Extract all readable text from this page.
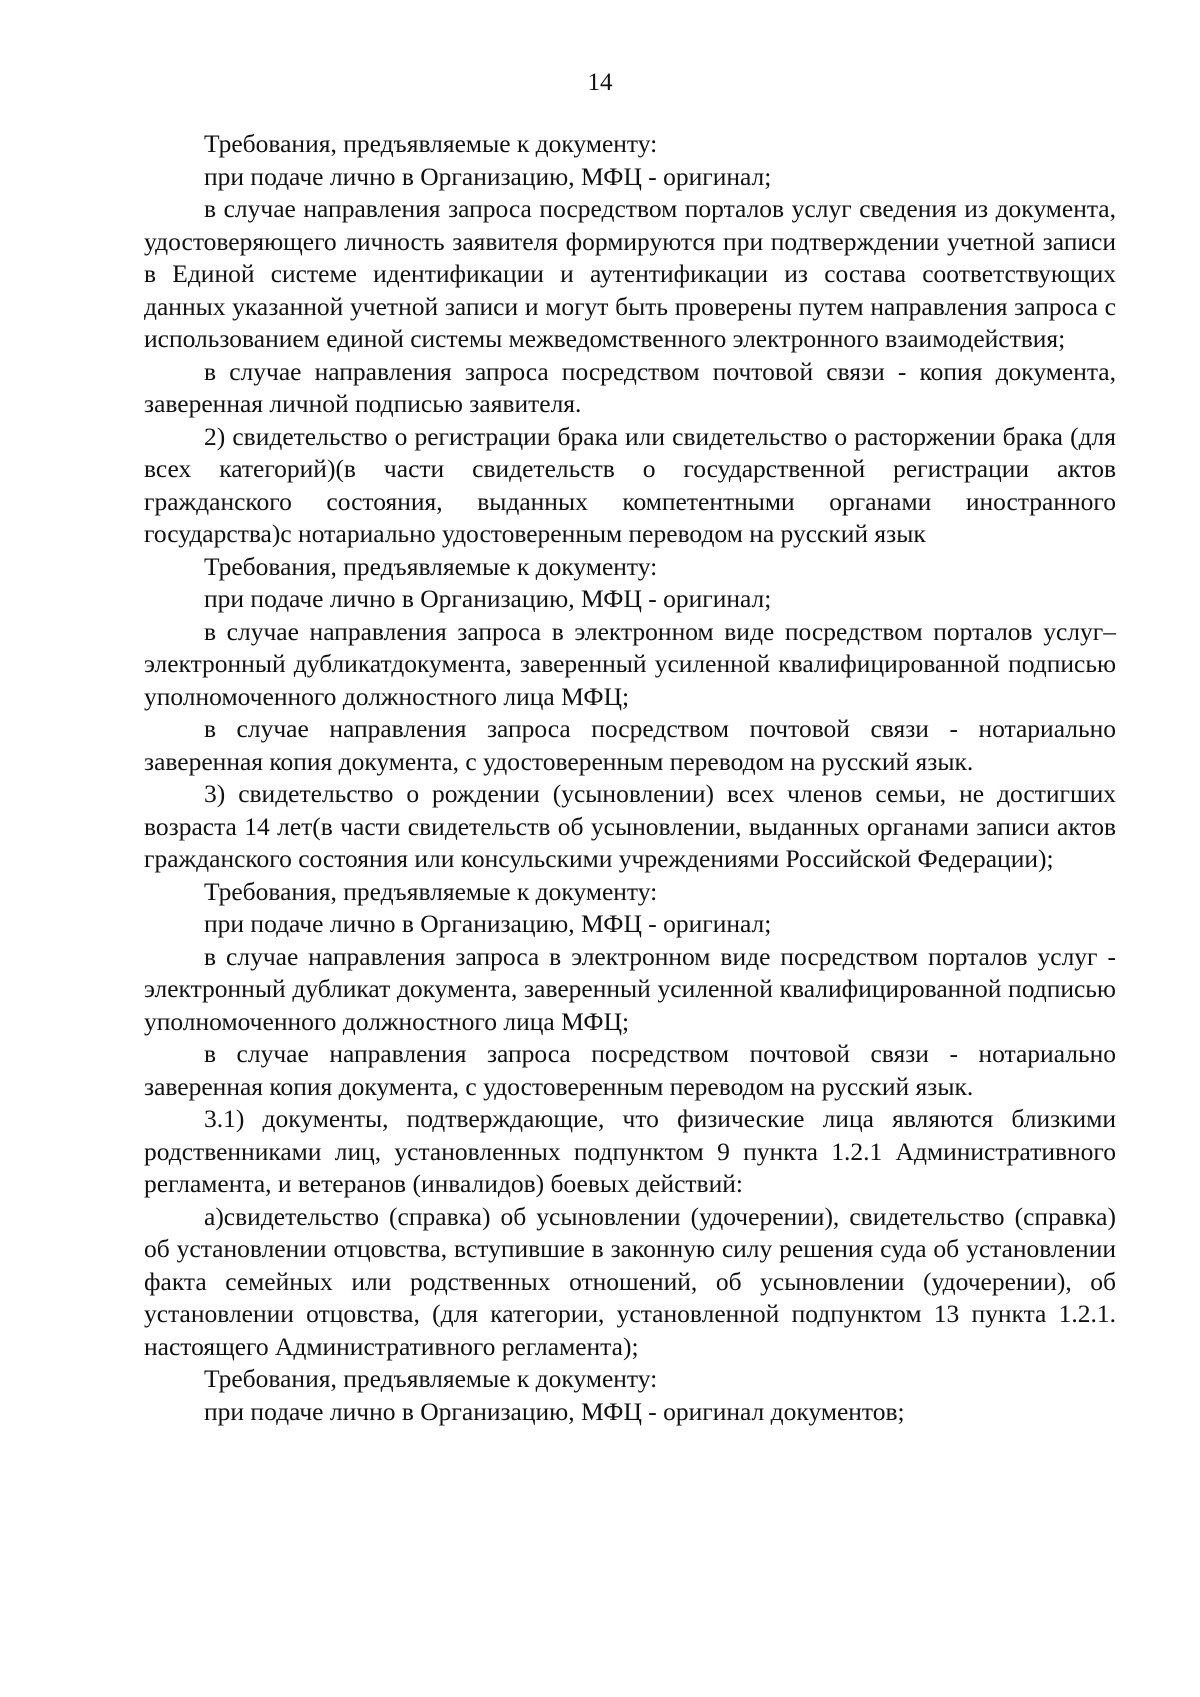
14

Требования, предъявляемые к документу:

при подаче лично в Организацию, МФЦ - оригинал;

в случае направления запроса посредством порталов услуг сведения из документа, удостоверяющего личность заявителя формируются при подтверждении учетной записи в Единой системе идентификации и аутентификации из состава соответствующих данных указанной учетной записи и могут быть проверены путем направления запроса с использованием единой системы межведомственного электронного взаимодействия;

в случае направления запроса посредством почтовой связи - копия документа, заверенная личной подписью заявителя.

2) свидетельство о регистрации брака или свидетельство о расторжении брака (для всех категорий)(в части свидетельств о государственной регистрации актов гражданского состояния, выданных компетентными органами иностранного государства)с нотариально удостоверенным переводом на русский язык

Требования, предъявляемые к документу:

при подаче лично в Организацию, МФЦ - оригинал;

в случае направления запроса в электронном виде посредством порталов услуг– электронный дубликатдокумента, заверенный усиленной квалифицированной подписью уполномоченного должностного лица МФЦ;

в случае направления запроса посредством почтовой связи - нотариально заверенная копия документа, с удостоверенным переводом на русский язык.

3) свидетельство о рождении (усыновлении) всех членов семьи, не достигших возраста 14 лет(в части свидетельств об усыновлении, выданных органами записи актов гражданского состояния или консульскими учреждениями Российской Федерации);

Требования, предъявляемые к документу:

при подаче лично в Организацию, МФЦ - оригинал;

в случае направления запроса в электронном виде посредством порталов услуг - электронный дубликат документа, заверенный усиленной квалифицированной подписью уполномоченного должностного лица МФЦ;

в случае направления запроса посредством почтовой связи - нотариально заверенная копия документа, с удостоверенным переводом на русский язык.

3.1) документы, подтверждающие, что физические лица являются близкими родственниками лиц, установленных подпунктом 9 пункта 1.2.1 Административного регламента, и ветеранов (инвалидов) боевых действий:

а)свидетельство (справка) об усыновлении (удочерении), свидетельство (справка) об установлении отцовства, вступившие в законную силу решения суда об установлении факта семейных или родственных отношений, об усыновлении (удочерении), об установлении отцовства, (для категории, установленной подпунктом 13 пункта 1.2.1. настоящего Административного регламента);

Требования, предъявляемые к документу:

при подаче лично в Организацию, МФЦ - оригинал документов;
